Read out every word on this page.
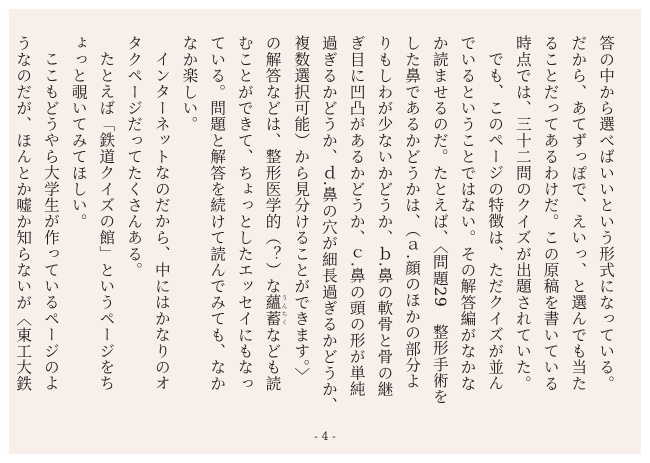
答の中から選べばいいという形式になっている。
だから、あてずっぽで、えいっ、と選んでも当た
ることだってあるわけだ。この原稿を書いている
時点では、三十二問のクイズが出題されていた。
でも、このページの特徴は、ただクイズが並ん
でいるということではない。その解答編がなかな
か読ませるのだ。たとえば、〈問題29　整形手術を
した鼻であるかどうかは、（ａ.顔のほかの部分よ
りもしわが少ないかどうか、ｂ.鼻の軟骨と骨の継
ぎ目に凹凸があるかどうか、ｃ.鼻の頭の形が単純
過ぎるかどうか、ｄ.鼻の穴が細長過ぎるかどうか、
複数選択可能）から見分けることができます。〉
の解答などは、整形医学的（？）な蘊蓄うんちくなども読
むことができて、ちょっとしたエッセイにもなっ
ている。問題と解答を続けて読んでみても、なか
なか楽しい。
インターネットなのだから、中にはかなりのオ
タクページだってたくさんある。
たとえば「鉄道クイズの館」というページをち
ょっと覗いてみてほしい。
ここもどうやら大学生が作っているページのよ
うなのだが、ほんとか嘘か知らないが〈東工大鉄
- 4 -
